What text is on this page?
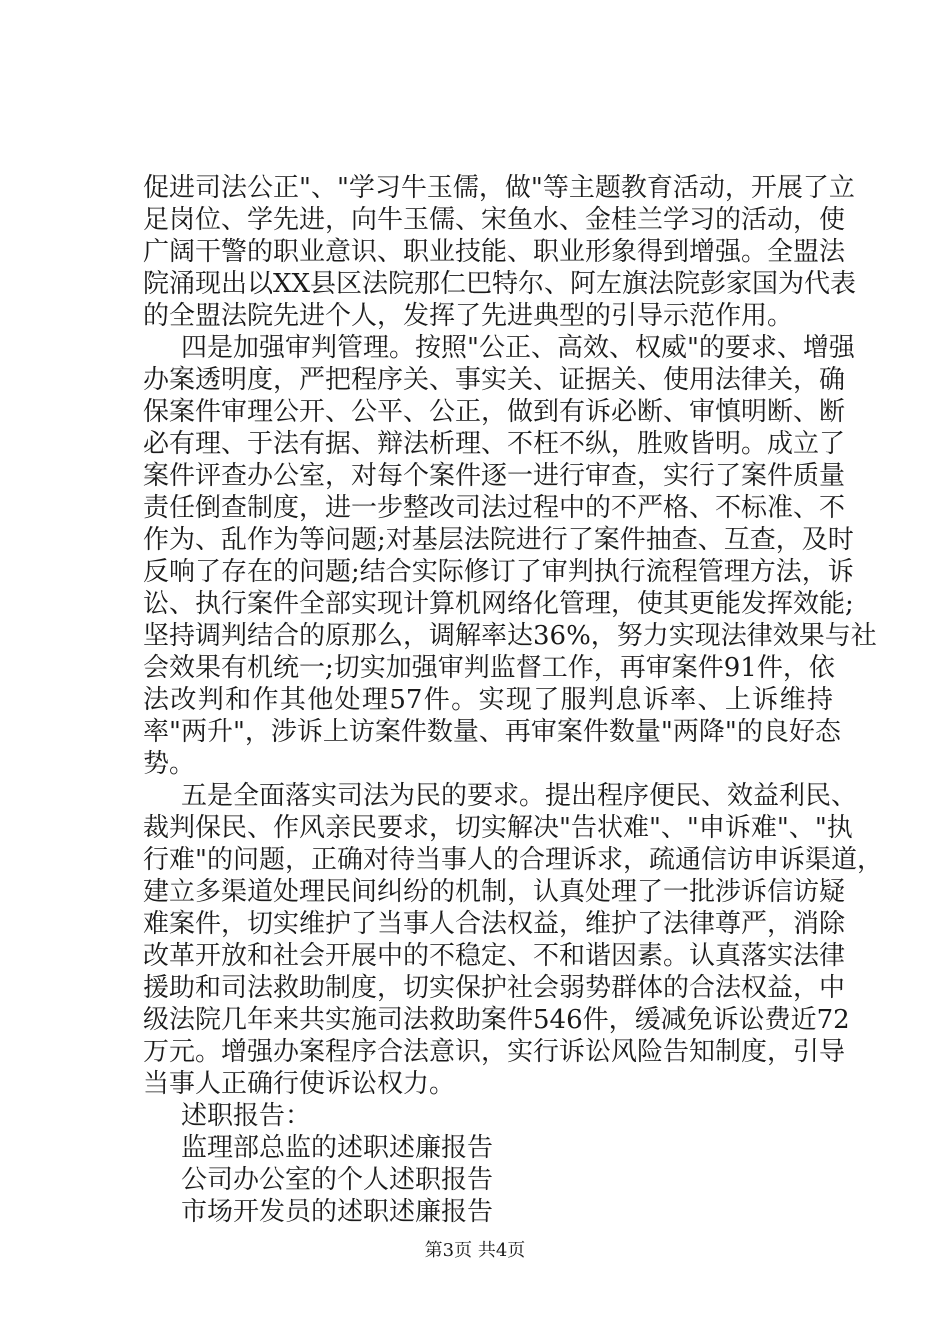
促进司法公正"、"学习牛玉儒，做"等主题教育活动，开展了立
足岗位、学先进，向牛玉儒、宋鱼水、金桂兰学习的活动，使
广阔干警的职业意识、职业技能、职业形象得到增强。全盟法
院涌现出以XX县区法院那仁巴特尔、阿左旗法院彭家国为代表
的全盟法院先进个人，发挥了先进典型的引导示范作用。
四是加强审判管理。按照"公正、高效、权威"的要求、增强
办案透明度，严把程序关、事实关、证据关、使用法律关，确
保案件审理公开、公平、公正，做到有诉必断、审慎明断、断
必有理、于法有据、辩法析理、不枉不纵，胜败皆明。成立了
案件评查办公室，对每个案件逐一进行审查，实行了案件质量
责任倒查制度，进一步整改司法过程中的不严格、不标准、不
作为、乱作为等问题;对基层法院进行了案件抽查、互查，及时
反响了存在的问题;结合实际修订了审判执行流程管理方法，诉
讼、执行案件全部实现计算机网络化管理，使其更能发挥效能;
坚持调判结合的原那么，调解率达36%，努力实现法律效果与社
会效果有机统一;切实加强审判监督工作，再审案件91件，依
法改判和作其他处理57件。实现了服判息诉率、上诉维持
率"两升"，涉诉上访案件数量、再审案件数量"两降"的良好态
势。
五是全面落实司法为民的要求。提出程序便民、效益利民、
裁判保民、作风亲民要求，切实解决"告状难"、"申诉难"、"执
行难"的问题，正确对待当事人的合理诉求，疏通信访申诉渠道，
建立多渠道处理民间纠纷的机制，认真处理了一批涉诉信访疑
难案件，切实维护了当事人合法权益，维护了法律尊严，消除
改革开放和社会开展中的不稳定、不和谐因素。认真落实法律
援助和司法救助制度，切实保护社会弱势群体的合法权益，中
级法院几年来共实施司法救助案件546件，缓减免诉讼费近72
万元。增强办案程序合法意识，实行诉讼风险告知制度，引导
当事人正确行使诉讼权力。
述职报告：
监理部总监的述职述廉报告
公司办公室的个人述职报告
市场开发员的述职述廉报告
第3页 共4页
